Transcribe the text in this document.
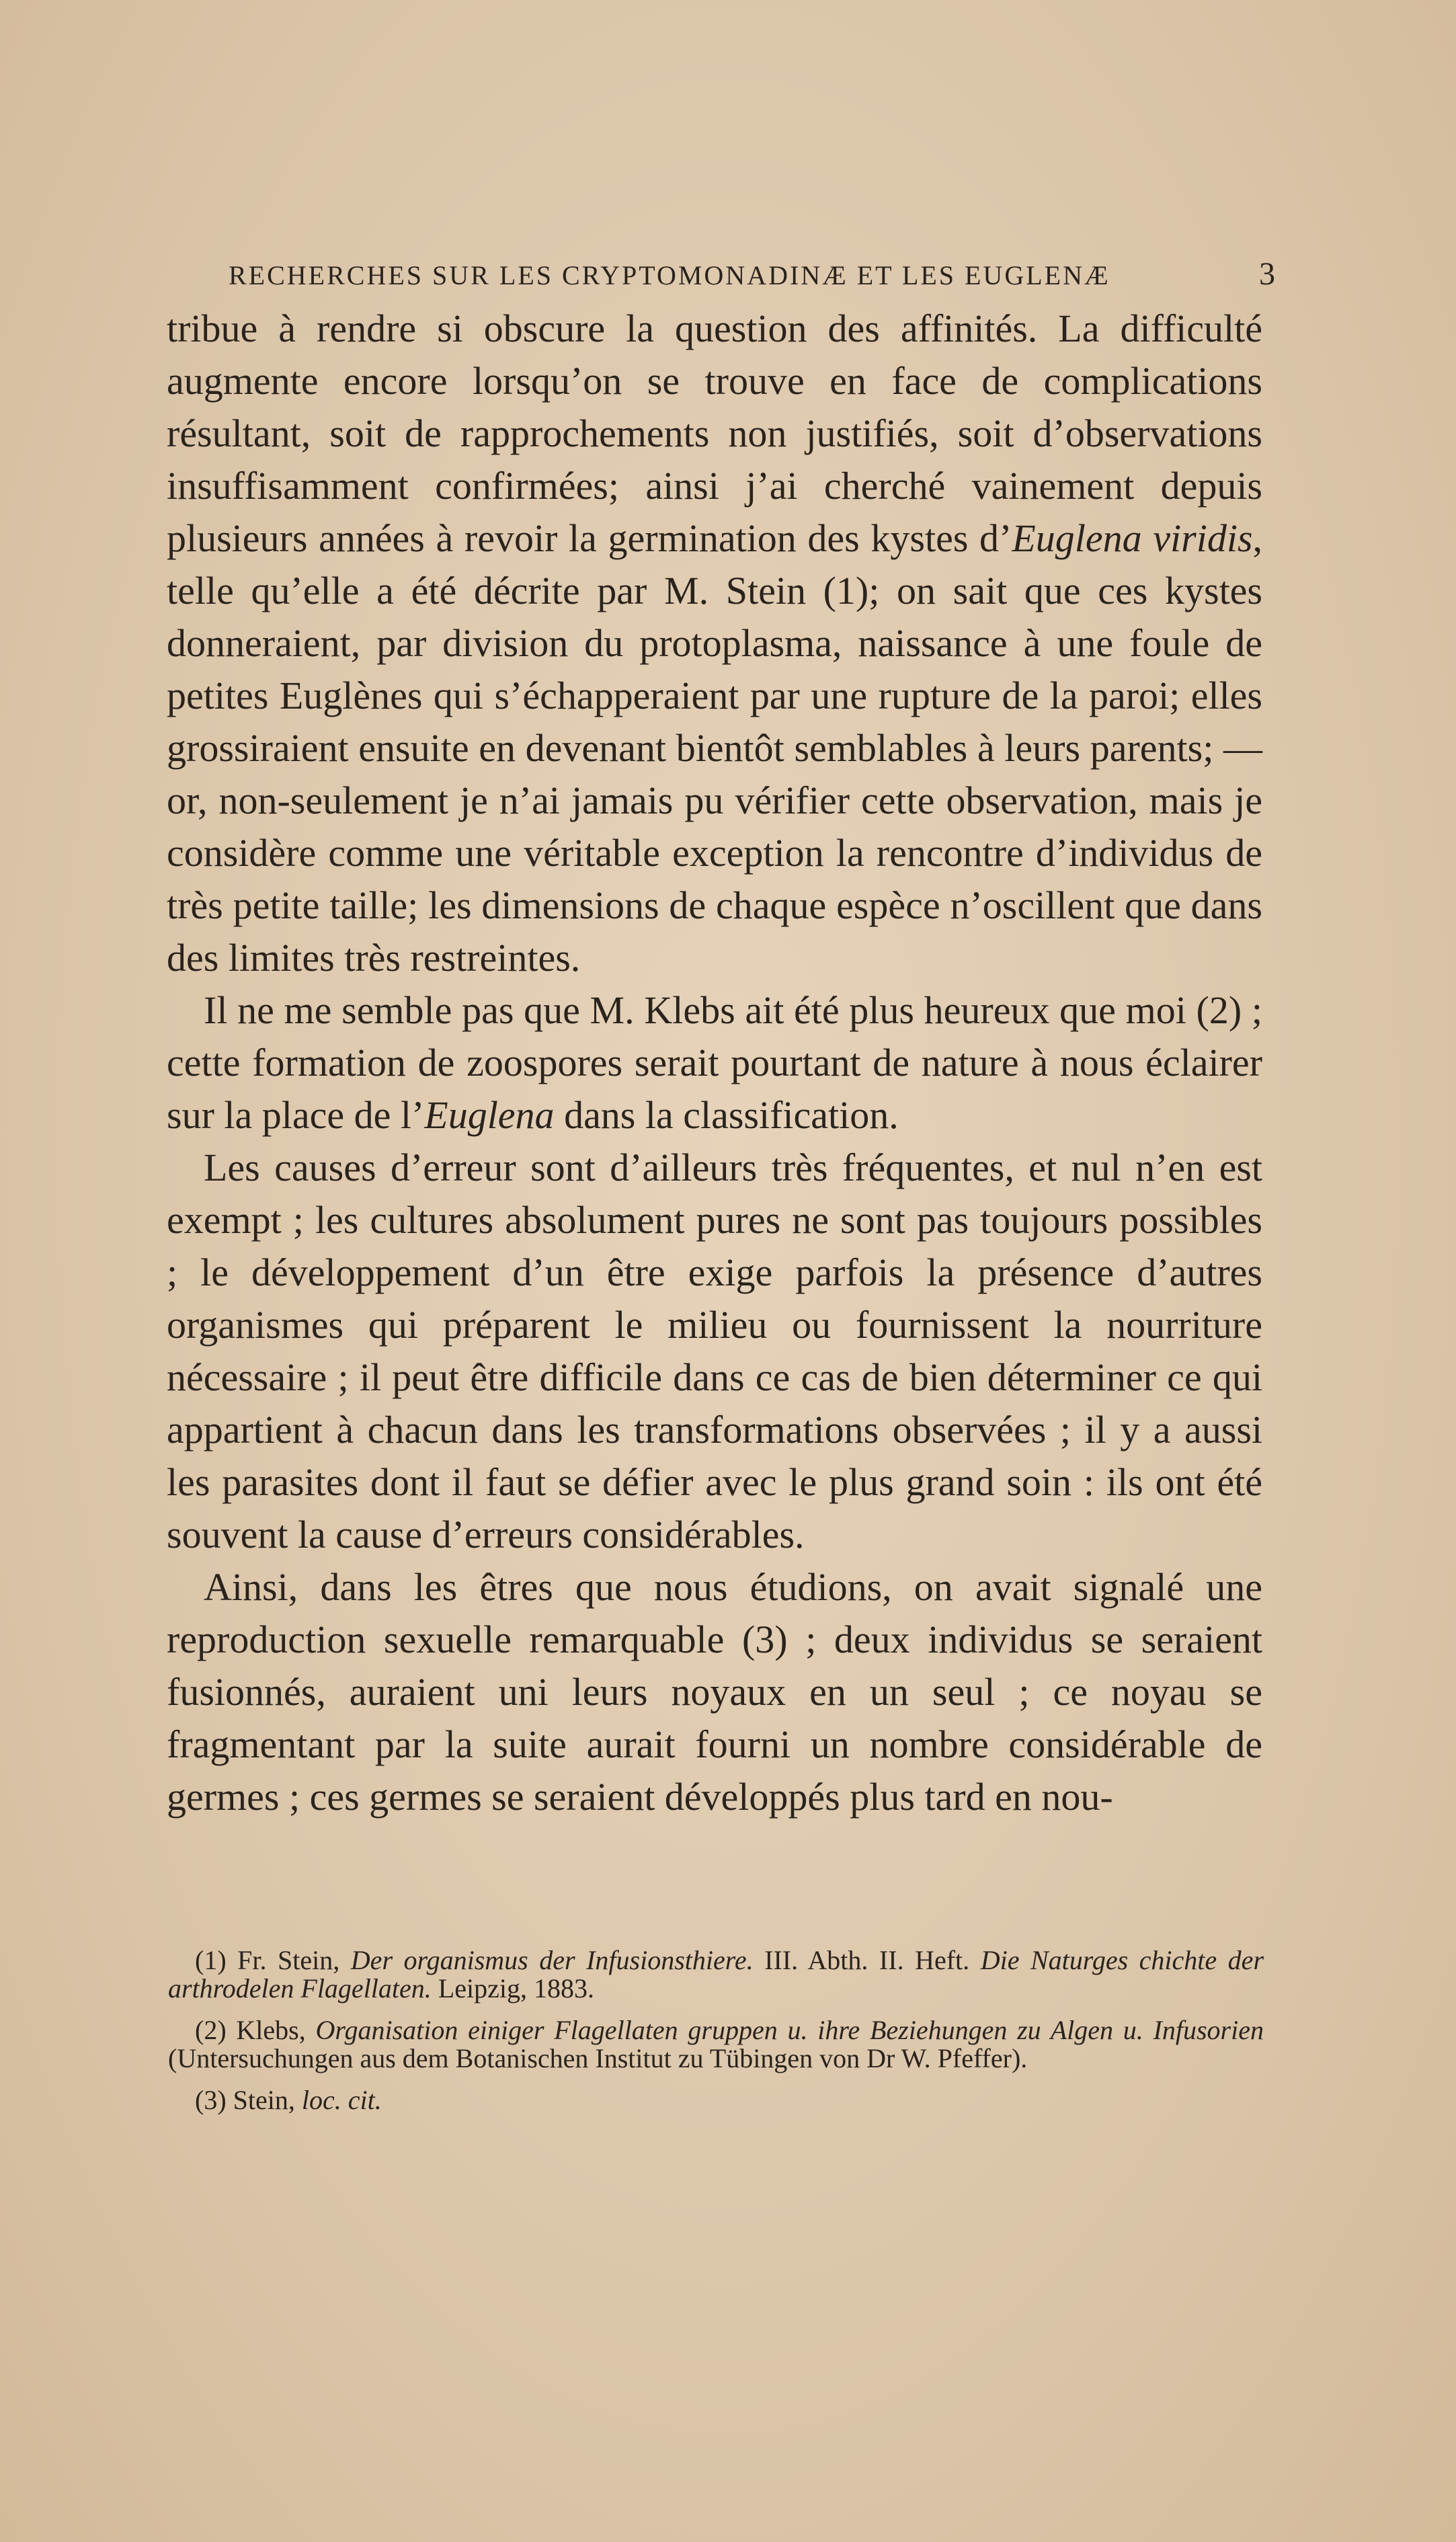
RECHERCHES SUR LES CRYPTOMONADINÆ ET LES EUGLENÆ	3

tribue à rendre si obscure la question des affinités. La difficulté augmente encore lorsqu’on se trouve en face de complications résultant, soit de rapprochements non justifiés, soit d’observations insuffisamment confirmées; ainsi j’ai cherché vainement depuis plusieurs années à revoir la germination des kystes d’Euglena viridis, telle qu’elle a été décrite par M. Stein (1); on sait que ces kystes donneraient, par division du protoplasma, naissance à une foule de petites Euglènes qui s’échapperaient par une rupture de la paroi; elles grossiraient ensuite en devenant bientôt semblables à leurs parents; — or, non-seulement je n’ai jamais pu vérifier cette observation, mais je considère comme une véritable exception la rencontre d’individus de très petite taille; les dimensions de chaque espèce n’oscillent que dans des limites très restreintes.

Il ne me semble pas que M. Klebs ait été plus heureux que moi (2) ; cette formation de zoospores serait pourtant de nature à nous éclairer sur la place de l’Euglena dans la classification.

Les causes d’erreur sont d’ailleurs très fréquentes, et nul n’en est exempt ; les cultures absolument pures ne sont pas toujours possibles ; le développement d’un être exige parfois la présence d’autres organismes qui préparent le milieu ou fournissent la nourriture nécessaire ; il peut être difficile dans ce cas de bien déterminer ce qui appartient à chacun dans les transformations observées ; il y a aussi les parasites dont il faut se défier avec le plus grand soin : ils ont été souvent la cause d’erreurs considérables.

Ainsi, dans les êtres que nous étudions, on avait signalé une reproduction sexuelle remarquable (3) ; deux individus se seraient fusionnés, auraient uni leurs noyaux en un seul ; ce noyau se fragmentant par la suite aurait fourni un nombre considérable de germes ; ces germes se seraient développés plus tard en nou-

(1) Fr. Stein, Der organismus der Infusionsthiere. III. Abth. II. Heft. Die Naturges chichte der arthrodelen Flagellaten. Leipzig, 1883.

(2) Klebs, Organisation einiger Flagellaten gruppen u. ihre Beziehungen zu Algen u. Infusorien (Untersuchungen aus dem Botanischen Institut zu Tübingen von Dr W. Pfeffer).

(3) Stein, loc. cit.
